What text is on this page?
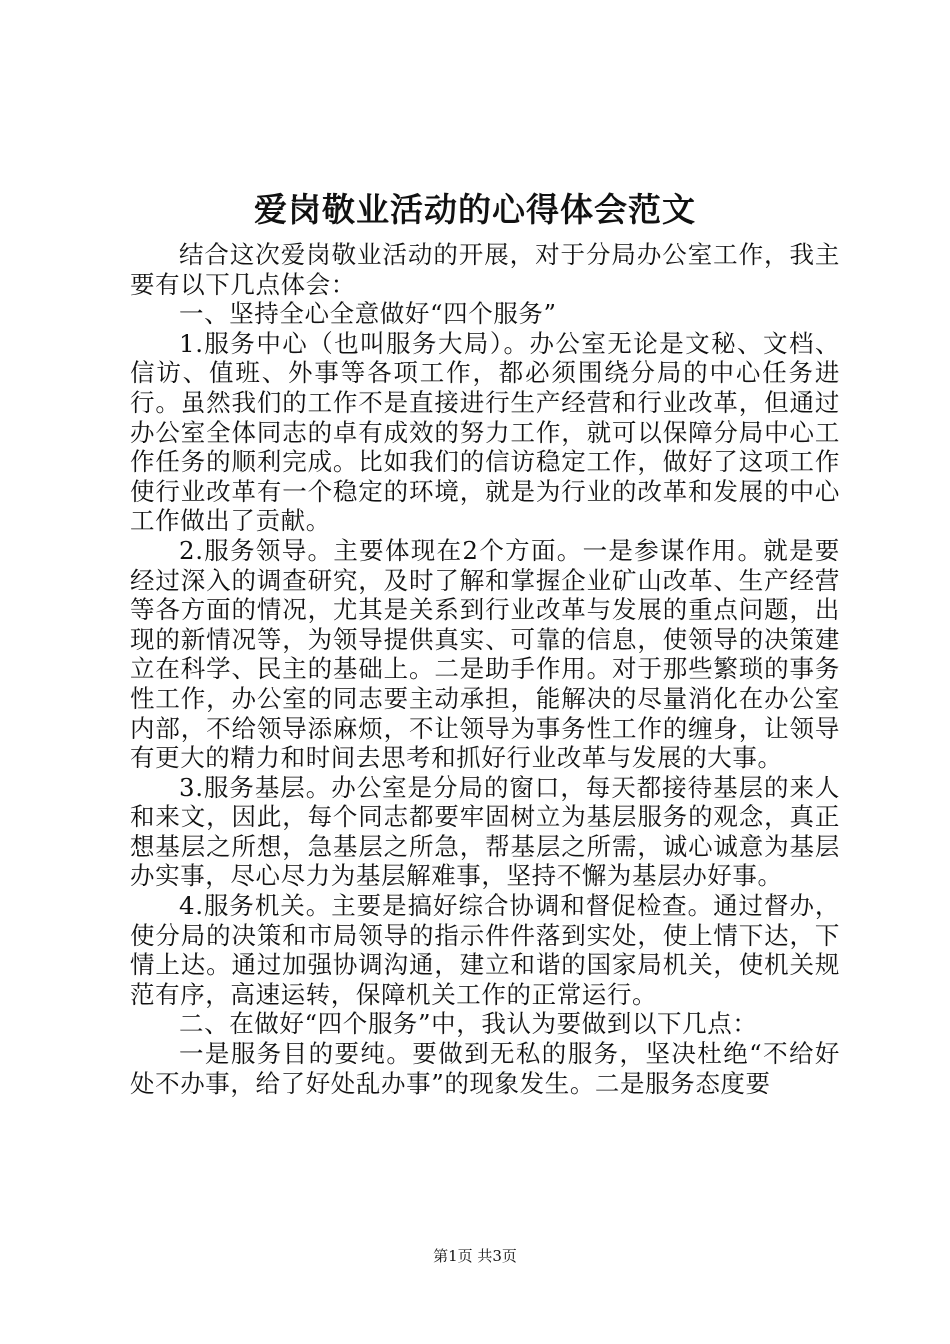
爱岗敬业活动的心得体会范文

结合这次爱岗敬业活动的开展，对于分局办公室工作，我主要有以下几点体会：

一、坚持全心全意做好“四个服务”

1.服务中心（也叫服务大局）。办公室无论是文秘、文档、信访、值班、外事等各项工作，都必须围绕分局的中心任务进行。虽然我们的工作不是直接进行生产经营和行业改革，但通过办公室全体同志的卓有成效的努力工作，就可以保障分局中心工作任务的顺利完成。比如我们的信访稳定工作，做好了这项工作使行业改革有一个稳定的环境，就是为行业的改革和发展的中心工作做出了贡献。

2.服务领导。主要体现在2个方面。一是参谋作用。就是要经过深入的调查研究，及时了解和掌握企业矿山改革、生产经营等各方面的情况，尤其是关系到行业改革与发展的重点问题，出现的新情况等，为领导提供真实、可靠的信息，使领导的决策建立在科学、民主的基础上。二是助手作用。对于那些繁琐的事务性工作，办公室的同志要主动承担，能解决的尽量消化在办公室内部，不给领导添麻烦，不让领导为事务性工作的缠身，让领导有更大的精力和时间去思考和抓好行业改革与发展的大事。

3.服务基层。办公室是分局的窗口，每天都接待基层的来人和来文，因此，每个同志都要牢固树立为基层服务的观念，真正想基层之所想，急基层之所急，帮基层之所需，诚心诚意为基层办实事，尽心尽力为基层解难事，坚持不懈为基层办好事。

4.服务机关。主要是搞好综合协调和督促检查。通过督办，使分局的决策和市局领导的指示件件落到实处，使上情下达，下情上达。通过加强协调沟通，建立和谐的国家局机关，使机关规范有序，高速运转，保障机关工作的正常运行。

二、在做好“四个服务”中，我认为要做到以下几点：

一是服务目的要纯。要做到无私的服务，坚决杜绝“不给好处不办事，给了好处乱办事”的现象发生。二是服务态度要

第1页 共3页
